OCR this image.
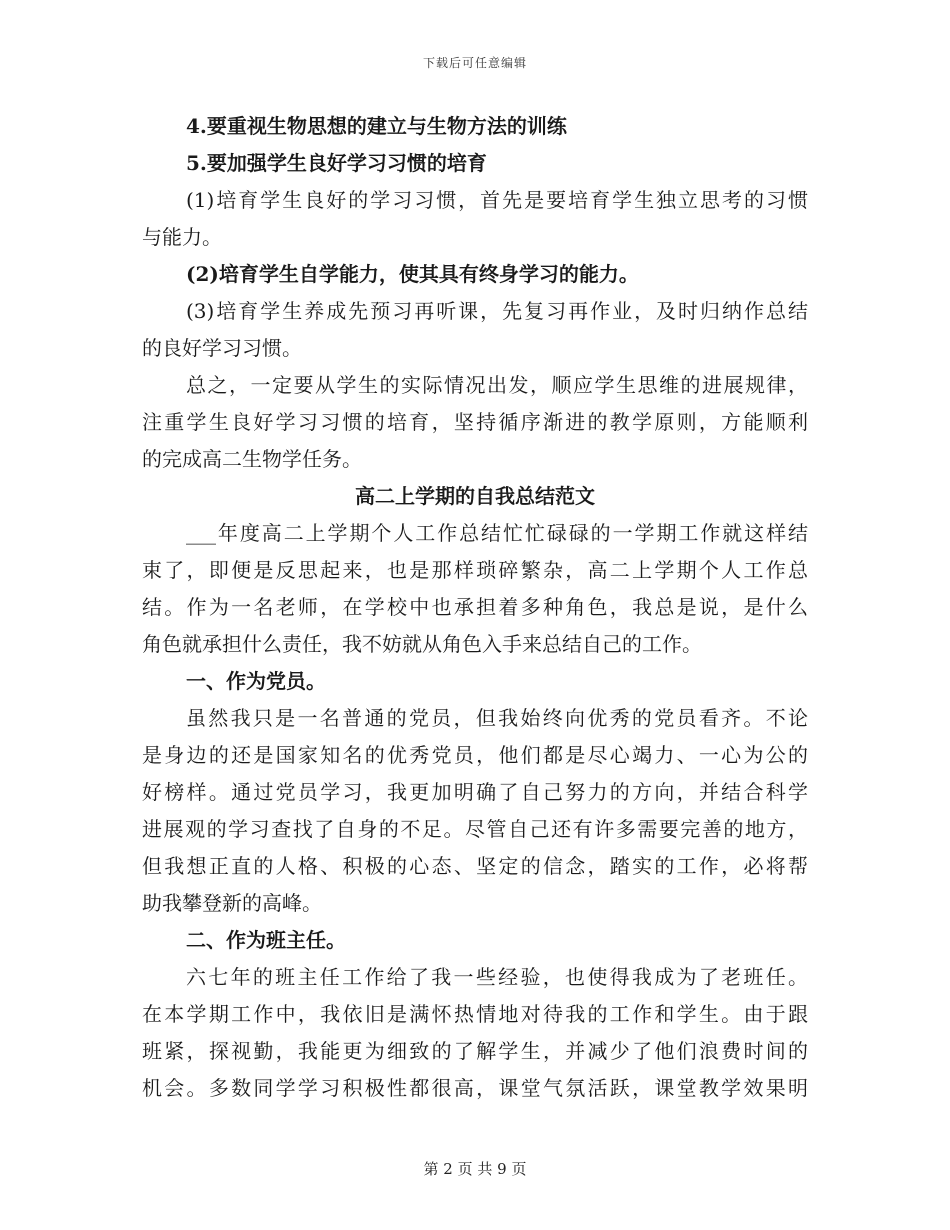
下载后可任意编辑
4.要重视生物思想的建立与生物方法的训练
5.要加强学生良好学习习惯的培育
(1)培育学生良好的学习习惯，首先是要培育学生独立思考的习惯
与能力。
(2)培育学生自学能力，使其具有终身学习的能力。
(3)培育学生养成先预习再听课，先复习再作业，及时归纳作总结
的良好学习习惯。
总之，一定要从学生的实际情况出发，顺应学生思维的进展规律，
注重学生良好学习习惯的培育，坚持循序渐进的教学原则，方能顺利
的完成高二生物学任务。
高二上学期的自我总结范文
___年度高二上学期个人工作总结忙忙碌碌的一学期工作就这样结
束了，即便是反思起来，也是那样琐碎繁杂，高二上学期个人工作总
结。作为一名老师，在学校中也承担着多种角色，我总是说，是什么
角色就承担什么责任，我不妨就从角色入手来总结自己的工作。
一、作为党员。
虽然我只是一名普通的党员，但我始终向优秀的党员看齐。不论
是身边的还是国家知名的优秀党员，他们都是尽心竭力、一心为公的
好榜样。通过党员学习，我更加明确了自己努力的方向，并结合科学
进展观的学习查找了自身的不足。尽管自己还有许多需要完善的地方，
但我想正直的人格、积极的心态、坚定的信念，踏实的工作，必将帮
助我攀登新的高峰。
二、作为班主任。
六七年的班主任工作给了我一些经验，也使得我成为了老班任。
在本学期工作中，我依旧是满怀热情地对待我的工作和学生。由于跟
班紧，探视勤，我能更为细致的了解学生，并减少了他们浪费时间的
机会。多数同学学习积极性都很高，课堂气氛活跃，课堂教学效果明
第 2 页 共 9 页
